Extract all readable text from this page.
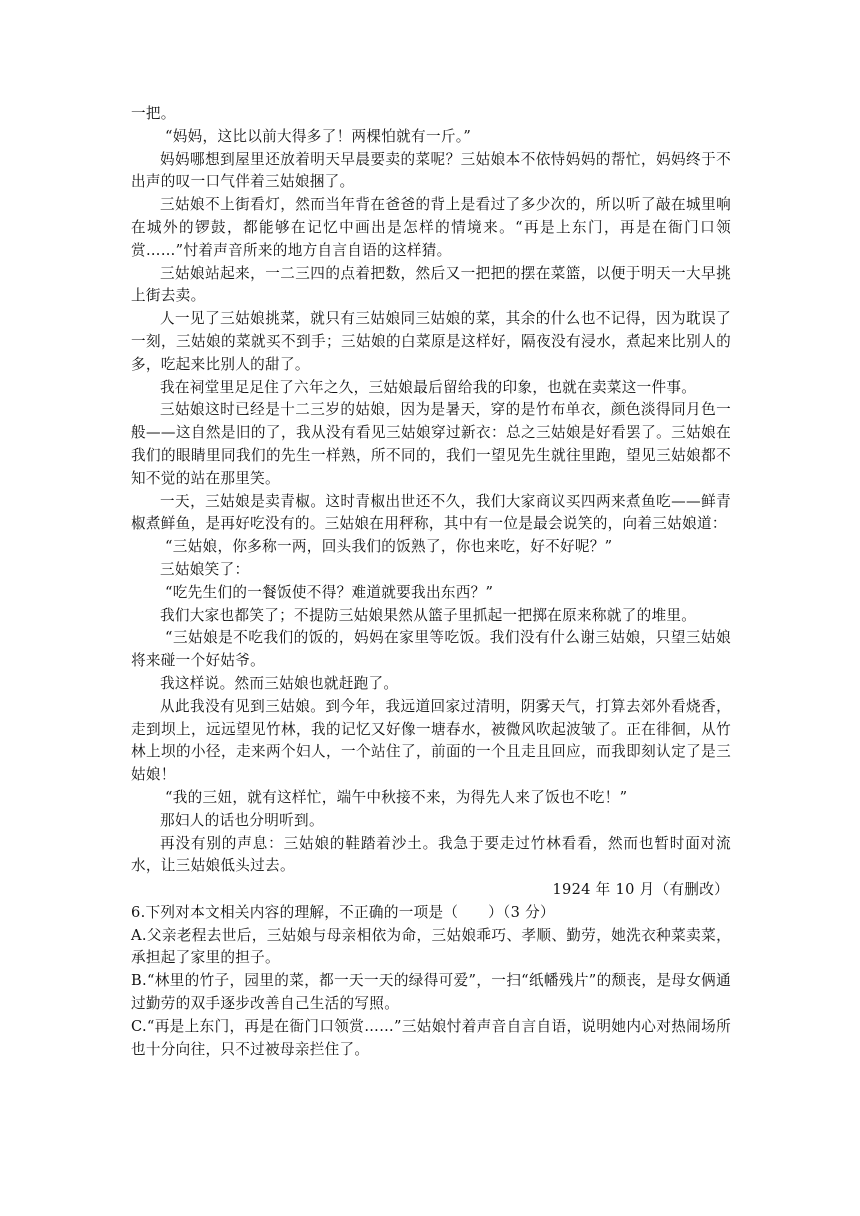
一把。

“妈妈，这比以前大得多了！两棵怕就有一斤。”

妈妈哪想到屋里还放着明天早晨要卖的菜呢？三姑娘本不依恃妈妈的帮忙，妈妈终于不出声的叹一口气伴着三姑娘捆了。

三姑娘不上街看灯，然而当年背在爸爸的背上是看过了多少次的，所以听了敲在城里响在城外的锣鼓，都能够在记忆中画出是怎样的情境来。“再是上东门，再是在衙门口领赏……”忖着声音所来的地方自言自语的这样猜。

三姑娘站起来，一二三四的点着把数，然后又一把把的摆在菜篮，以便于明天一大早挑上街去卖。

人一见了三姑娘挑菜，就只有三姑娘同三姑娘的菜，其余的什么也不记得，因为耽误了一刻，三姑娘的菜就买不到手；三姑娘的白菜原是这样好，隔夜没有浸水，煮起来比别人的多，吃起来比别人的甜了。

我在祠堂里足足住了六年之久，三姑娘最后留给我的印象，也就在卖菜这一件事。

三姑娘这时已经是十二三岁的姑娘，因为是暑天，穿的是竹布单衣，颜色淡得同月色一般——这自然是旧的了，我从没有看见三姑娘穿过新衣：总之三姑娘是好看罢了。三姑娘在我们的眼睛里同我们的先生一样熟，所不同的，我们一望见先生就往里跑，望见三姑娘都不知不觉的站在那里笑。

一天，三姑娘是卖青椒。这时青椒出世还不久，我们大家商议买四两来煮鱼吃——鲜青椒煮鲜鱼，是再好吃没有的。三姑娘在用秤称，其中有一位是最会说笑的，向着三姑娘道：

“三姑娘，你多称一两，回头我们的饭熟了，你也来吃，好不好呢？”

三姑娘笑了：

“吃先生们的一餐饭使不得？难道就要我出东西？”

我们大家也都笑了；不提防三姑娘果然从篮子里抓起一把掷在原来称就了的堆里。

“三姑娘是不吃我们的饭的，妈妈在家里等吃饭。我们没有什么谢三姑娘，只望三姑娘将来碰一个好姑爷。

我这样说。然而三姑娘也就赶跑了。

从此我没有见到三姑娘。到今年，我远道回家过清明，阴雾天气，打算去郊外看烧香，走到坝上，远远望见竹林，我的记忆又好像一塘春水，被微风吹起波皱了。正在徘徊，从竹林上坝的小径，走来两个妇人，一个站住了，前面的一个且走且回应，而我即刻认定了是三姑娘！

“我的三妞，就有这样忙，端午中秋接不来，为得先人来了饭也不吃！”

那妇人的话也分明听到。

再没有别的声息：三姑娘的鞋踏着沙土。我急于要走过竹林看看，然而也暂时面对流水，让三姑娘低头过去。

1924 年 10 月（有删改）

6.下列对本文相关内容的理解，不正确的一项是（　　）（3 分）

A.父亲老程去世后，三姑娘与母亲相依为命，三姑娘乖巧、孝顺、勤劳，她洗衣种菜卖菜，承担起了家里的担子。

B.“林里的竹子，园里的菜，都一天一天的绿得可爱”，一扫“纸幡残片”的颓丧，是母女俩通过勤劳的双手逐步改善自己生活的写照。

C.“再是上东门，再是在衙门口领赏……”三姑娘忖着声音自言自语，说明她内心对热闹场所也十分向往，只不过被母亲拦住了。
